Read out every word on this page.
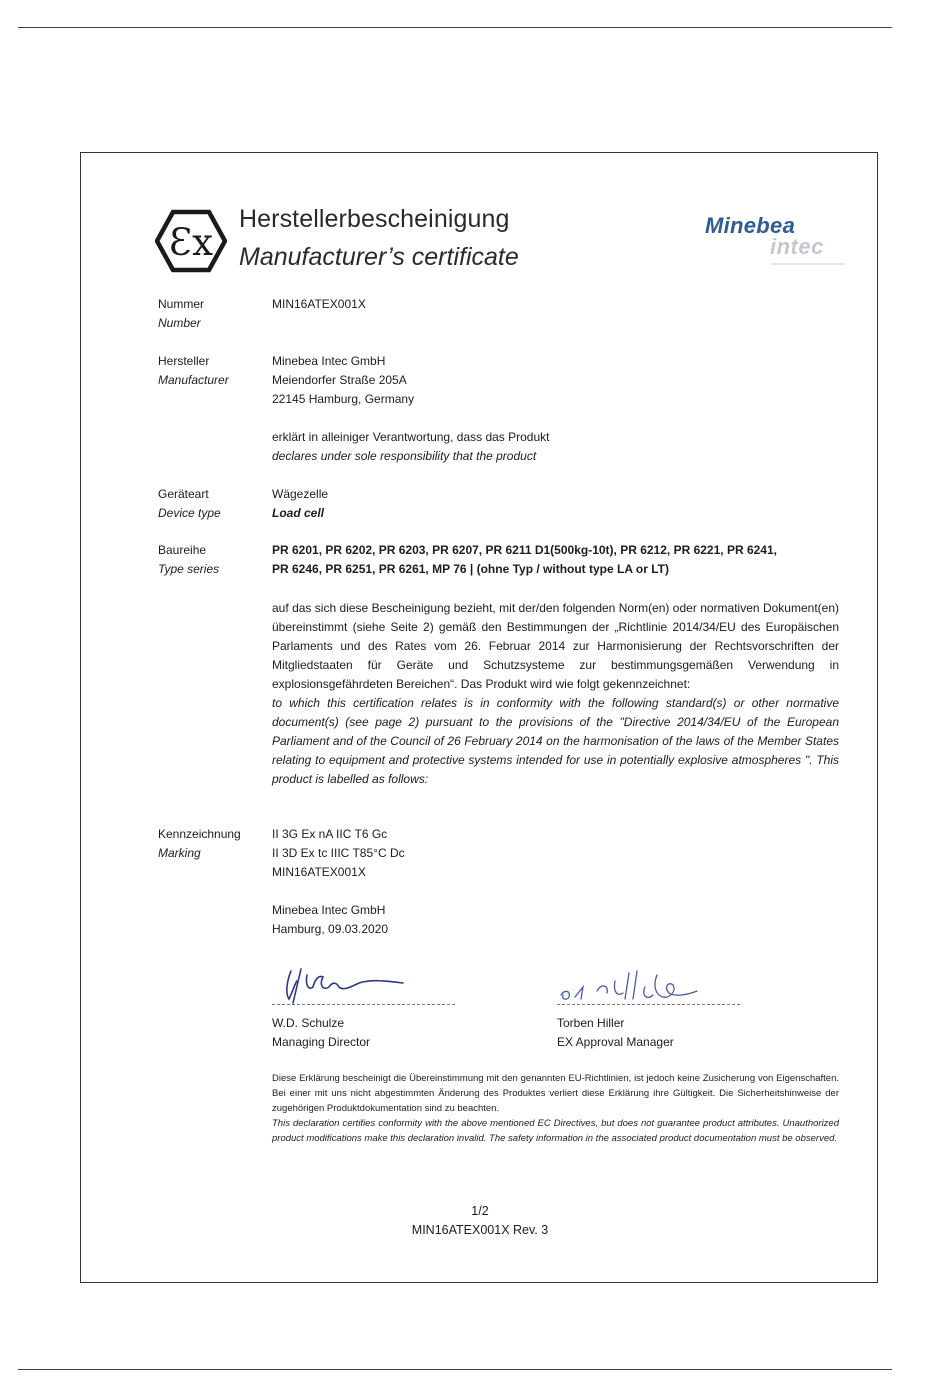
Ɛx
Herstellerbescheinigung
Manufacturer’s certificate
Minebea
intec
Nummer
Number
MIN16ATEX001X
Hersteller
Manufacturer
Minebea Intec GmbH
Meiendorfer Straße 205A
22145 Hamburg, Germany
erklärt in alleiniger Verantwortung, dass das Produkt
declares under sole responsibility that the product
Geräteart
Device type
Wägezelle
Load cell
Baureihe
Type series
PR 6201, PR 6202, PR 6203, PR 6207, PR 6211 D1(500kg-10t), PR 6212, PR 6221, PR 6241,
PR 6246, PR 6251, PR 6261, MP 76 | (ohne Typ / without type LA or LT)
auf das sich diese Bescheinigung bezieht, mit der/den folgenden Norm(en) oder normativen Dokument(en) übereinstimmt (siehe Seite 2) gemäß den Bestimmungen der „Richtlinie 2014/34/EU des Europäischen Parlaments und des Rates vom 26. Februar 2014 zur Harmonisierung der Rechtsvorschriften der Mitgliedstaaten für Geräte und Schutzsysteme zur bestimmungsgemäßen Verwendung in explosionsgefährdeten Bereichen“. Das Produkt wird wie folgt gekennzeichnet:
to which this certification relates is in conformity with the following standard(s) or other normative document(s) (see page 2) pursuant to the provisions of the "Directive 2014/34/EU of the European Parliament and of the Council of 26 February 2014 on the harmonisation of the laws of the Member States relating to equipment and protective systems intended for use in potentially explosive atmospheres ". This product is labelled as follows:
Kennzeichnung
Marking
II 3G Ex nA IIC T6 Gc
II 3D Ex tc IIIC T85°C Dc
MIN16ATEX001X
Minebea Intec GmbH
Hamburg, 09.03.2020
W.D. Schulze
Managing Director
Torben Hiller
EX Approval Manager
Diese Erklärung bescheinigt die Übereinstimmung mit den genannten EU-Richtlinien, ist jedoch keine Zusicherung von Eigenschaften. Bei einer mit uns nicht abgestimmten Änderung des Produktes verliert diese Erklärung ihre Gültigkeit. Die Sicherheitshinweise der zugehörigen Produktdokumentation sind zu beachten.
This declaration certifies conformity with the above mentioned EC Directives, but does not guarantee product attributes. Unauthorized product modifications make this declaration invalid. The safety information in the associated product documentation must be observed.
1/2
MIN16ATEX001X Rev. 3
